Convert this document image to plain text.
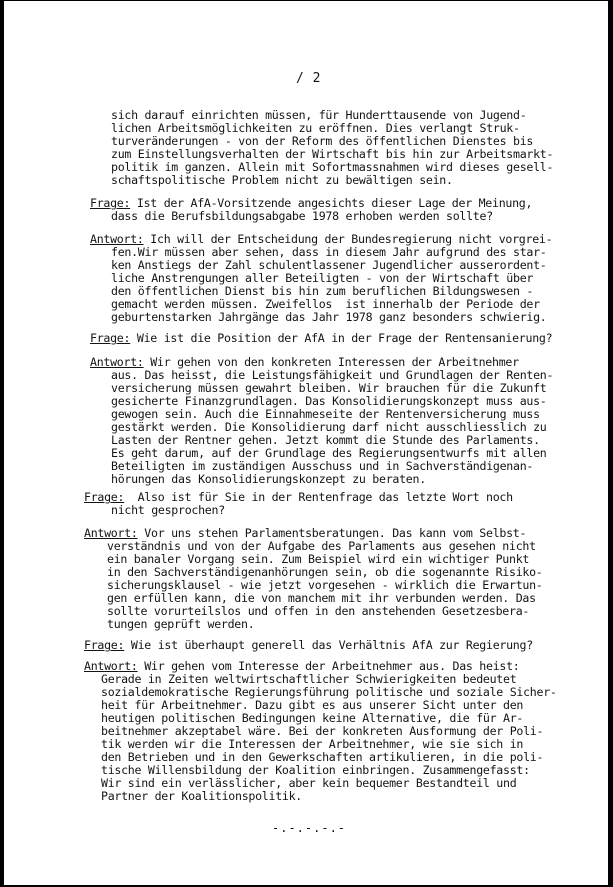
/ 2
sich darauf einrichten müssen, für Hunderttausende von Jugend-
lichen Arbeitsmöglichkeiten zu eröffnen. Dies verlangt Struk-
turveränderungen - von der Reform des öffentlichen Dienstes bis
zum Einstellungsverhalten der Wirtschaft bis hin zur Arbeitsmarkt-
politik im ganzen. Allein mit Sofortmassnahmen wird dieses gesell-
schaftspolitische Problem nicht zu bewältigen sein.
Frage: Ist der AfA-Vorsitzende angesichts dieser Lage der Meinung,
dass die Berufsbildungsabgabe 1978 erhoben werden sollte?
Antwort: Ich will der Entscheidung der Bundesregierung nicht vorgrei-
fen.Wir müssen aber sehen, dass in diesem Jahr aufgrund des star-
ken Anstiegs der Zahl schulentlassener Jugendlicher ausserordent-
liche Anstrengungen aller Beteiligten - von der Wirtschaft über
den öffentlichen Dienst bis hin zum beruflichen Bildungswesen -
gemacht werden müssen. Zweifellos  ist innerhalb der Periode der
geburtenstarken Jahrgänge das Jahr 1978 ganz besonders schwierig.
Frage: Wie ist die Position der AfA in der Frage der Rentensanierung?
Antwort: Wir gehen von den konkreten Interessen der Arbeitnehmer
aus. Das heisst, die Leistungsfähigkeit und Grundlagen der Renten-
versicherung müssen gewahrt bleiben. Wir brauchen für die Zukunft
gesicherte Finanzgrundlagen. Das Konsolidierungskonzept muss aus-
gewogen sein. Auch die Einnahmeseite der Rentenversicherung muss
gestärkt werden. Die Konsolidierung darf nicht ausschliesslich zu
Lasten der Rentner gehen. Jetzt kommt die Stunde des Parlaments.
Es geht darum, auf der Grundlage des Regierungsentwurfs mit allen
Beteiligten im zuständigen Ausschuss und in Sachverständigenan-
hörungen das Konsolidierungskonzept zu beraten.
Frage:  Also ist für Sie in der Rentenfrage das letzte Wort noch
nicht gesprochen?
Antwort: Vor uns stehen Parlamentsberatungen. Das kann vom Selbst-
verständnis und von der Aufgabe des Parlaments aus gesehen nicht
ein banaler Vorgang sein. Zum Beispiel wird ein wichtiger Punkt
in den Sachverständigenanhörungen sein, ob die sogenannte Risiko-
sicherungsklausel - wie jetzt vorgesehen - wirklich die Erwartun-
gen erfüllen kann, die von manchem mit ihr verbunden werden. Das
sollte vorurteilslos und offen in den anstehenden Gesetzesbera-
tungen geprüft werden.
Frage: Wie ist überhaupt generell das Verhältnis AfA zur Regierung?
Antwort: Wir gehen vom Interesse der Arbeitnehmer aus. Das heist:
Gerade in Zeiten weltwirtschaftlicher Schwierigkeiten bedeutet
sozialdemokratische Regierungsführung politische und soziale Sicher-
heit für Arbeitnehmer. Dazu gibt es aus unserer Sicht unter den
heutigen politischen Bedingungen keine Alternative, die für Ar-
beitnehmer akzeptabel wäre. Bei der konkreten Ausformung der Poli-
tik werden wir die Interessen der Arbeitnehmer, wie sie sich in
den Betrieben und in den Gewerkschaften artikulieren, in die poli-
tische Willensbildung der Koalition einbringen. Zusammengefasst:
Wir sind ein verlässlicher, aber kein bequemer Bestandteil und
Partner der Koalitionspolitik.
-.-.-.-.-
